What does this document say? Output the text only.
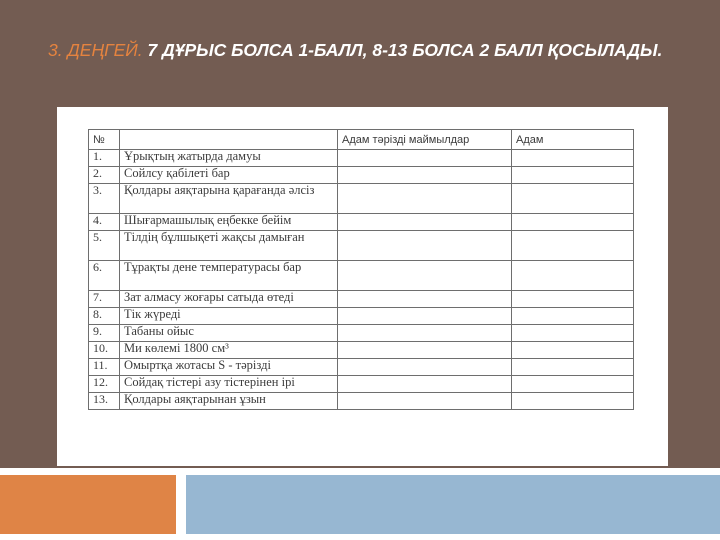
3. ДЕҢГЕЙ. 7 ДҰРЫС БОЛСА 1-БАЛЛ, 8-13 БОЛСА 2 БАЛЛ ҚОСЫЛАДЫ.
№		Адам тәрізді маймылдар	Адам
1.	Ұрықтың жатырда дамуы		
2.	Сойлсу қабілеті бар		
3.	Қолдары аяқтарына қарағанда әлсіз		
4.	Шығармашылық еңбекке бейім		
5.	Тілдің бұлшықеті жақсы дамыған		
6.	Тұрақты дене температурасы бар		
7.	Зат алмасу жоғары сатыда өтеді		
8.	Тік жүреді		
9.	Табаны ойыс		
10.	Ми көлемі 1800 см³		
11.	Омыртқа жотасы S - тәрізді		
12.	Сойдақ тістері азу тістерінен ірі		
13.	Қолдары аяқтарынан ұзын		
